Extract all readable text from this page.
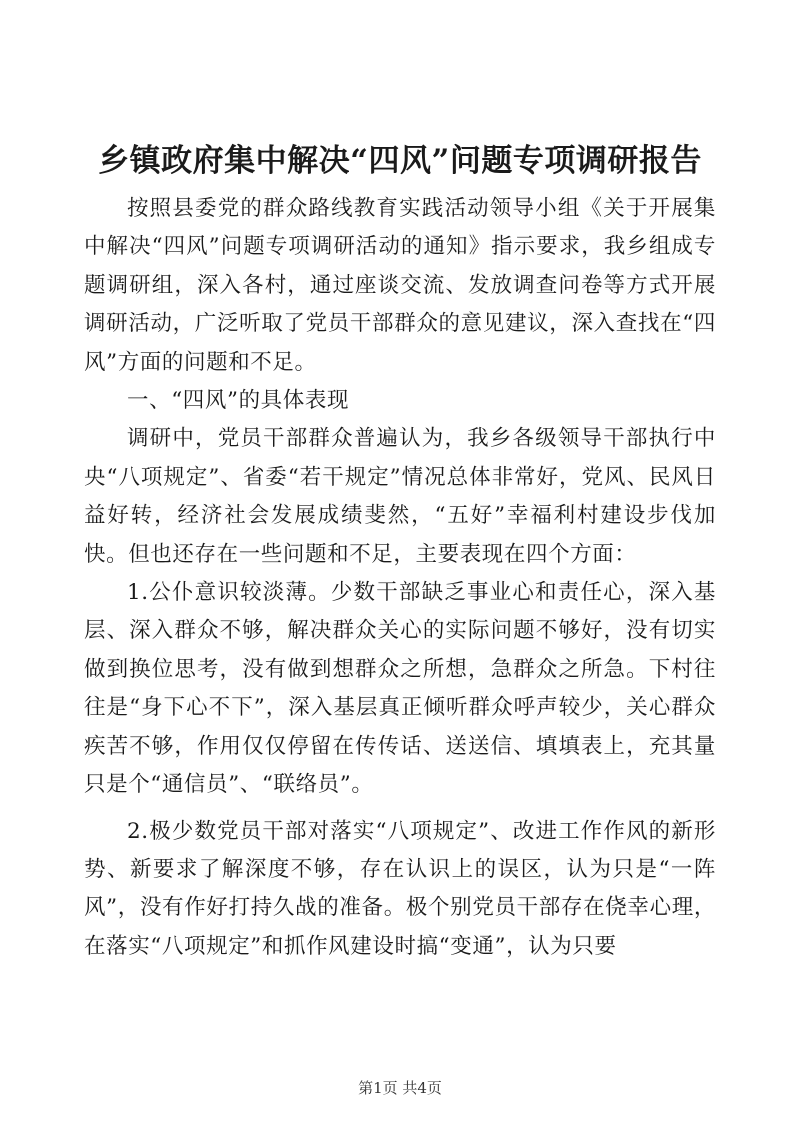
乡镇政府集中解决“四风”问题专项调研报告

按照县委党的群众路线教育实践活动领导小组《关于开展集中解决“四风”问题专项调研活动的通知》指示要求，我乡组成专题调研组，深入各村，通过座谈交流、发放调查问卷等方式开展调研活动，广泛听取了党员干部群众的意见建议，深入查找在“四风”方面的问题和不足。

一、“四风”的具体表现

调研中，党员干部群众普遍认为，我乡各级领导干部执行中央“八项规定”、省委“若干规定”情况总体非常好，党风、民风日益好转，经济社会发展成绩斐然，“五好”幸福利村建设步伐加快。但也还存在一些问题和不足，主要表现在四个方面：

1.公仆意识较淡薄。少数干部缺乏事业心和责任心，深入基层、深入群众不够，解决群众关心的实际问题不够好，没有切实做到换位思考，没有做到想群众之所想，急群众之所急。下村往往是“身下心不下”，深入基层真正倾听群众呼声较少，关心群众疾苦不够，作用仅仅停留在传传话、送送信、填填表上，充其量只是个“通信员”、“联络员”。

2.极少数党员干部对落实“八项规定”、改进工作作风的新形势、新要求了解深度不够，存在认识上的误区，认为只是“一阵风”，没有作好打持久战的准备。极个别党员干部存在侥幸心理，在落实“八项规定”和抓作风建设时搞“变通”，认为只要

第1页 共4页
